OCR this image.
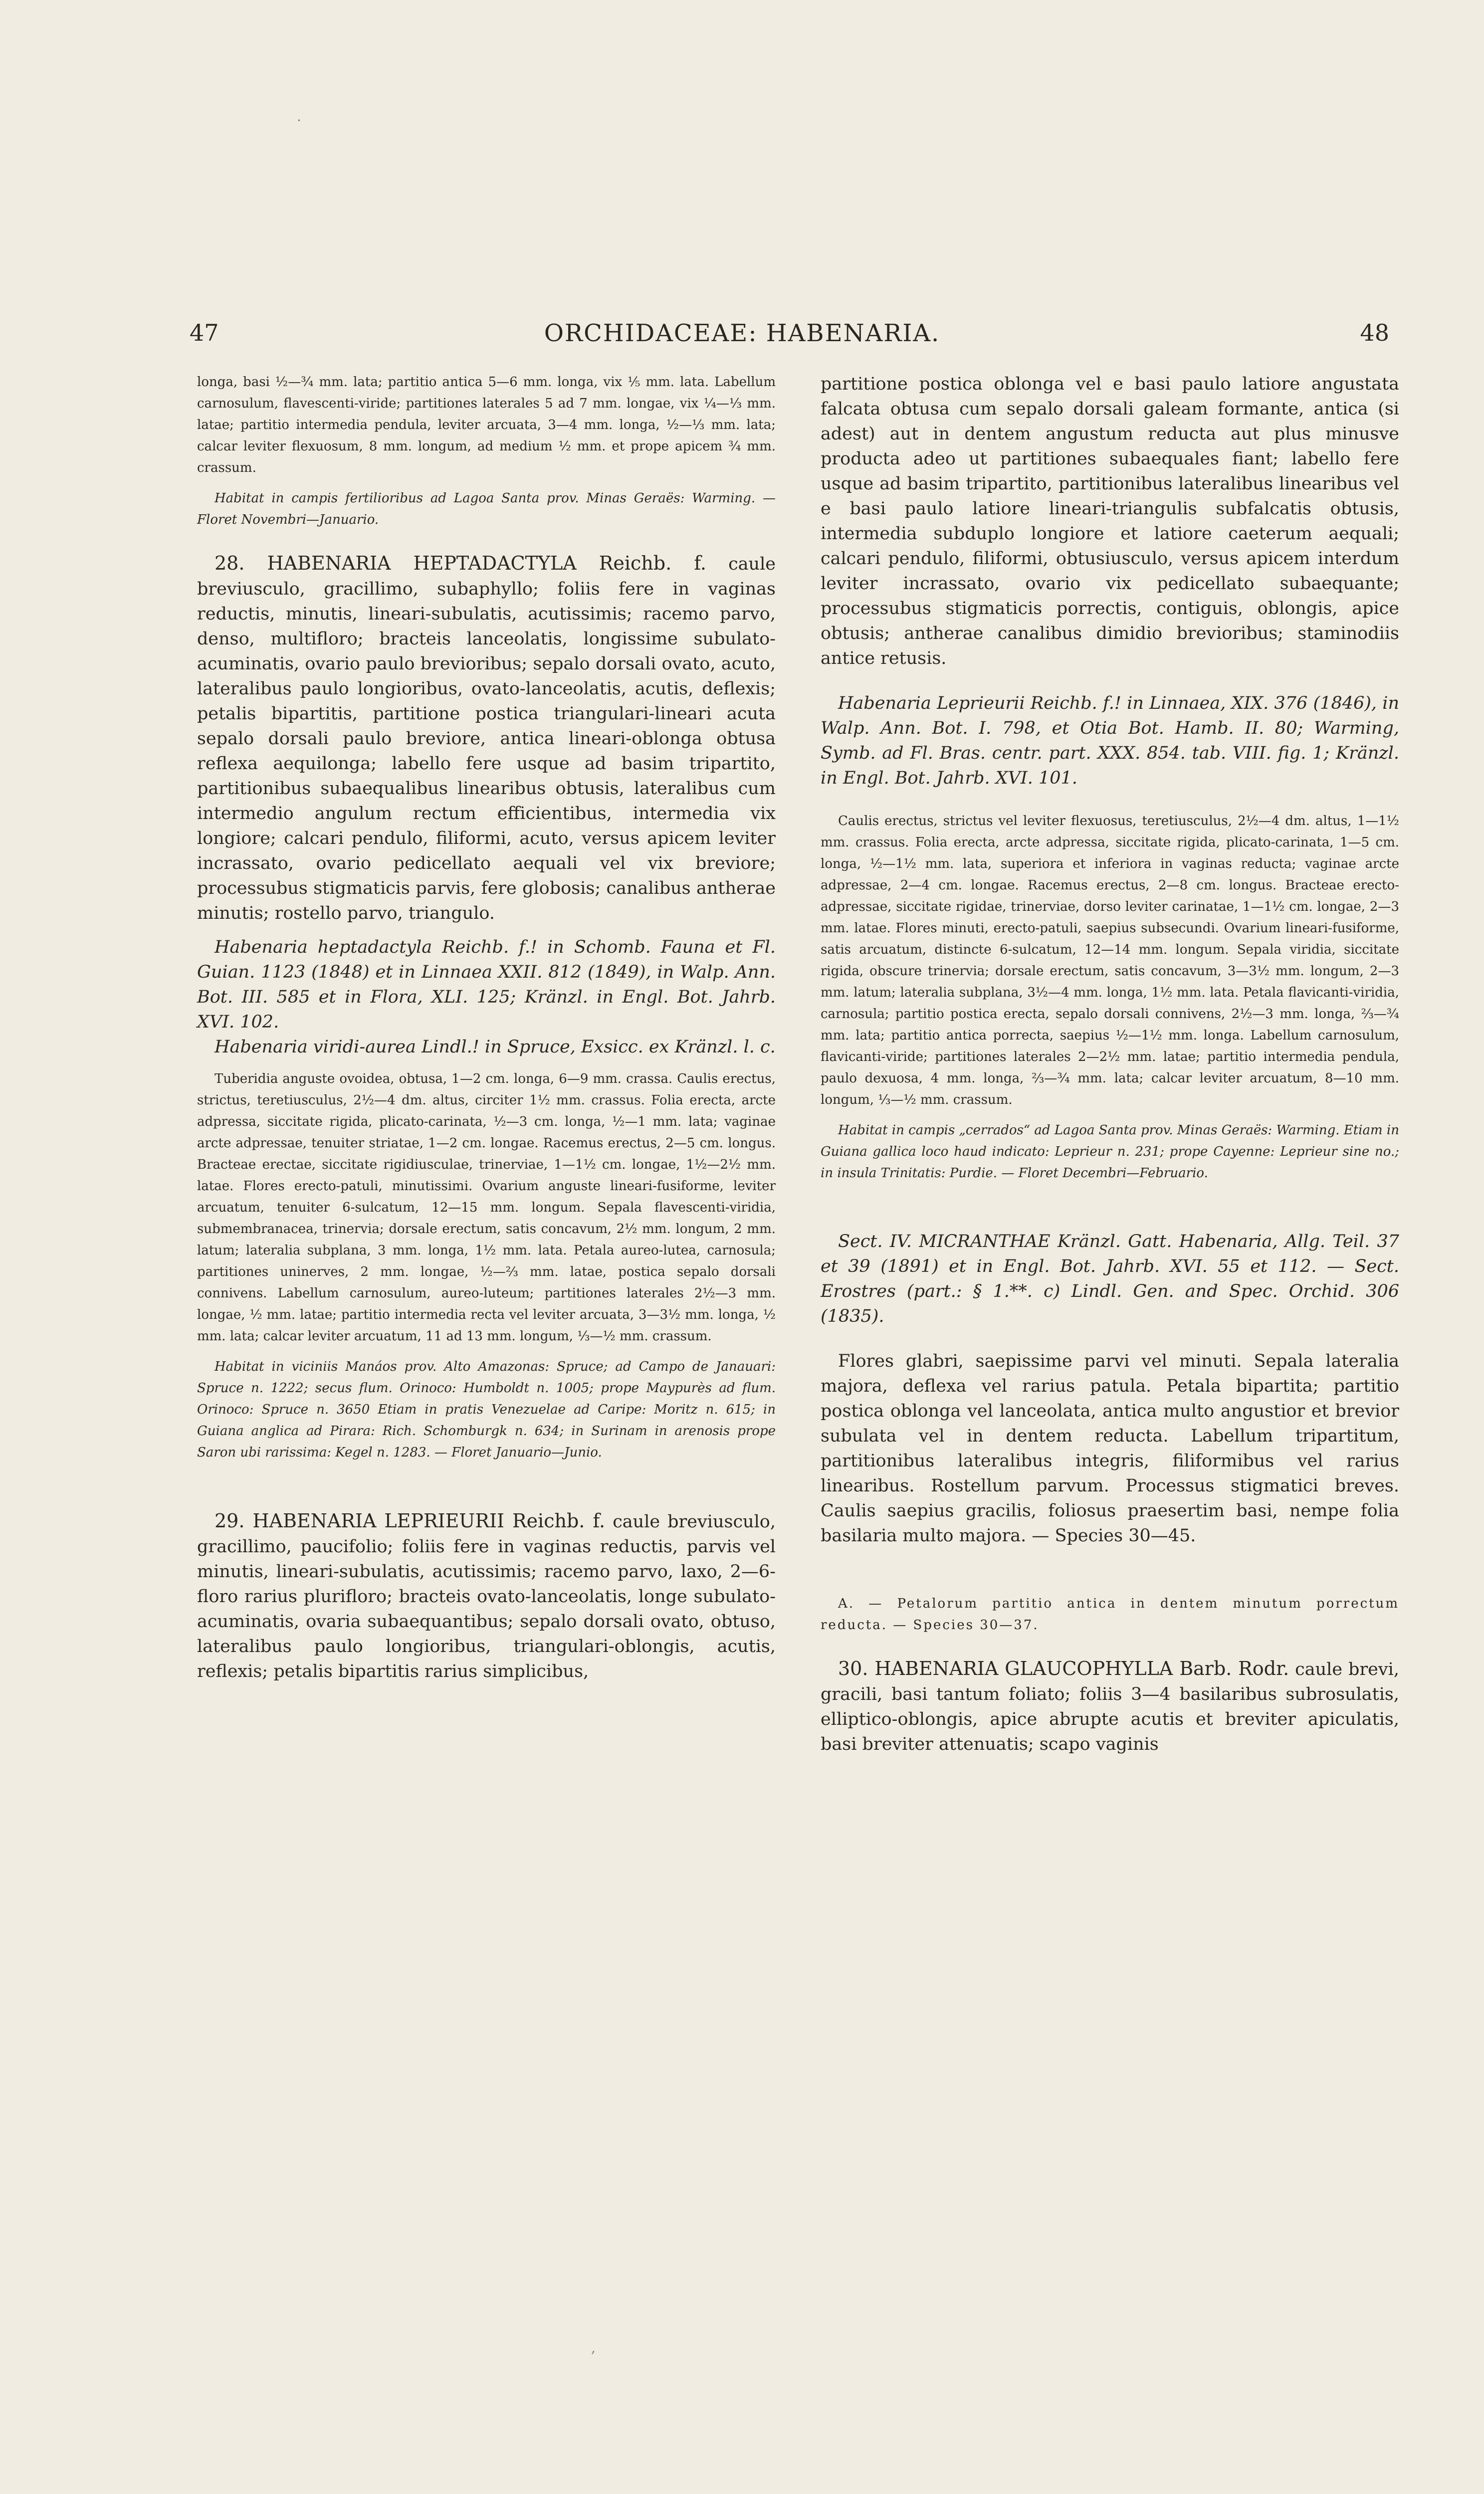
·
,
47	ORCHIDACEAE: HABENARIA.	48

longa, basi ½—¾ mm. lata; partitio antica 5—6 mm. longa, vix ⅕ mm. lata. Labellum carnosulum, flavescenti-viride; partitiones laterales 5 ad 7 mm. longae, vix ¼—⅓ mm. latae; partitio intermedia pendula, leviter arcuata, 3—4 mm. longa, ½—⅓ mm. lata; calcar leviter flexuosum, 8 mm. longum, ad medium ½ mm. et prope apicem ¾ mm. crassum.

Habitat in campis fertilioribus ad Lagoa Santa prov. Minas Geraës: Warming. — Floret Novembri—Januario.

28. HABENARIA HEPTADACTYLA Reichb. f. caule breviusculo, gracillimo, subaphyllo; foliis fere in vaginas reductis, minutis, lineari-subulatis, acutissimis; racemo parvo, denso, multifloro; bracteis lanceolatis, longissime subulato-acuminatis, ovario paulo brevioribus; sepalo dorsali ovato, acuto, lateralibus paulo longioribus, ovato-lanceolatis, acutis, deflexis; petalis bipartitis, partitione postica triangulari-lineari acuta sepalo dorsali paulo breviore, antica lineari-oblonga obtusa reflexa aequilonga; labello fere usque ad basim tripartito, partitionibus subaequalibus linearibus obtusis, lateralibus cum intermedio angulum rectum efficientibus, intermedia vix longiore; calcari pendulo, filiformi, acuto, versus apicem leviter incrassato, ovario pedicellato aequali vel vix breviore; processubus stigmaticis parvis, fere globosis; canalibus antherae minutis; rostello parvo, triangulo.

Habenaria heptadactyla Reichb. f.! in Schomb. Fauna et Fl. Guian. 1123 (1848) et in Linnaea XXII. 812 (1849), in Walp. Ann. Bot. III. 585 et in Flora, XLI. 125; Kränzl. in Engl. Bot. Jahrb. XVI. 102.

Habenaria viridi-aurea Lindl.! in Spruce, Exsicc. ex Kränzl. l. c.

Tuberidia anguste ovoidea, obtusa, 1—2 cm. longa, 6—9 mm. crassa. Caulis erectus, strictus, teretiusculus, 2½—4 dm. altus, circiter 1½ mm. crassus. Folia erecta, arcte adpressa, siccitate rigida, plicato-carinata, ½—3 cm. longa, ½—1 mm. lata; vaginae arcte adpressae, tenuiter striatae, 1—2 cm. longae. Racemus erectus, 2—5 cm. longus. Bracteae erectae, siccitate rigidiusculae, trinerviae, 1—1½ cm. longae, 1½—2½ mm. latae. Flores erecto-patuli, minutissimi. Ovarium anguste lineari-fusiforme, leviter arcuatum, tenuiter 6-sulcatum, 12—15 mm. longum. Sepala flavescenti-viridia, submembranacea, trinervia; dorsale erectum, satis concavum, 2½ mm. longum, 2 mm. latum; lateralia subplana, 3 mm. longa, 1½ mm. lata. Petala aureo-lutea, carnosula; partitiones uninerves, 2 mm. longae, ½—⅔ mm. latae, postica sepalo dorsali connivens. Labellum carnosulum, aureo-luteum; partitiones laterales 2½—3 mm. longae, ½ mm. latae; partitio intermedia recta vel leviter arcuata, 3—3½ mm. longa, ½ mm. lata; calcar leviter arcuatum, 11 ad 13 mm. longum, ⅓—½ mm. crassum.

Habitat in viciniis Manáos prov. Alto Amazonas: Spruce; ad Campo de Janauari: Spruce n. 1222; secus flum. Orinoco: Humboldt n. 1005; prope Maypurès ad flum. Orinoco: Spruce n. 3650 Etiam in pratis Venezuelae ad Caripe: Moritz n. 615; in Guiana anglica ad Pirara: Rich. Schomburgk n. 634; in Surinam in arenosis prope Saron ubi rarissima: Kegel n. 1283. — Floret Januario—Junio.

29. HABENARIA LEPRIEURII Reichb. f. caule breviusculo, gracillimo, paucifolio; foliis fere in vaginas reductis, parvis vel minutis, lineari-subulatis, acutissimis; racemo parvo, laxo, 2—6-floro rarius plurifloro; bracteis ovato-lanceolatis, longe subulato-acuminatis, ovaria subaequantibus; sepalo dorsali ovato, obtuso, lateralibus paulo longioribus, triangulari-oblongis, acutis, reflexis; petalis bipartitis rarius simplicibus,

partitione postica oblonga vel e basi paulo latiore angustata falcata obtusa cum sepalo dorsali galeam formante, antica (si adest) aut in dentem angustum reducta aut plus minusve producta adeo ut partitiones subaequales fiant; labello fere usque ad basim tripartito, partitionibus lateralibus linearibus vel e basi paulo latiore lineari-triangulis subfalcatis obtusis, intermedia subduplo longiore et latiore caeterum aequali; calcari pendulo, filiformi, obtusiusculo, versus apicem interdum leviter incrassato, ovario vix pedicellato subaequante; processubus stigmaticis porrectis, contiguis, oblongis, apice obtusis; antherae canalibus dimidio brevioribus; staminodiis antice retusis.

Habenaria Leprieurii Reichb. f.! in Linnaea, XIX. 376 (1846), in Walp. Ann. Bot. I. 798, et Otia Bot. Hamb. II. 80; Warming, Symb. ad Fl. Bras. centr. part. XXX. 854. tab. VIII. fig. 1; Kränzl. in Engl. Bot. Jahrb. XVI. 101.

Caulis erectus, strictus vel leviter flexuosus, teretiusculus, 2½—4 dm. altus, 1—1½ mm. crassus. Folia erecta, arcte adpressa, siccitate rigida, plicato-carinata, 1—5 cm. longa, ½—1½ mm. lata, superiora et inferiora in vaginas reducta; vaginae arcte adpressae, 2—4 cm. longae. Racemus erectus, 2—8 cm. longus. Bracteae erecto-adpressae, siccitate rigidae, trinerviae, dorso leviter carinatae, 1—1½ cm. longae, 2—3 mm. latae. Flores minuti, erecto-patuli, saepius subsecundi. Ovarium lineari-fusiforme, satis arcuatum, distincte 6-sulcatum, 12—14 mm. longum. Sepala viridia, siccitate rigida, obscure trinervia; dorsale erectum, satis concavum, 3—3½ mm. longum, 2—3 mm. latum; lateralia subplana, 3½—4 mm. longa, 1½ mm. lata. Petala flavicanti-viridia, carnosula; partitio postica erecta, sepalo dorsali connivens, 2½—3 mm. longa, ⅔—¾ mm. lata; partitio antica porrecta, saepius ½—1½ mm. longa. Labellum carnosulum, flavicanti-viride; partitiones laterales 2—2½ mm. latae; partitio intermedia pendula, paulo dexuosa, 4 mm. longa, ⅔—¾ mm. lata; calcar leviter arcuatum, 8—10 mm. longum, ⅓—½ mm. crassum.

Habitat in campis „cerrados“ ad Lagoa Santa prov. Minas Geraës: Warming. Etiam in Guiana gallica loco haud indicato: Leprieur n. 231; prope Cayenne: Leprieur sine no.; in insula Trinitatis: Purdie. — Floret Decembri—Februario.

Sect. IV. MICRANTHAE Kränzl. Gatt. Habenaria, Allg. Teil. 37 et 39 (1891) et in Engl. Bot. Jahrb. XVI. 55 et 112. — Sect. Erostres (part.: § 1.**. c) Lindl. Gen. and Spec. Orchid. 306 (1835).

Flores glabri, saepissime parvi vel minuti. Sepala lateralia majora, deflexa vel rarius patula. Petala bipartita; partitio postica oblonga vel lanceolata, antica multo angustior et brevior subulata vel in dentem reducta. Labellum tripartitum, partitionibus lateralibus integris, filiformibus vel rarius linearibus. Rostellum parvum. Processus stigmatici breves. Caulis saepius gracilis, foliosus praesertim basi, nempe folia basilaria multo majora. — Species 30—45.

A. — Petalorum partitio antica in dentem minutum porrectum reducta. — Species 30—37.

30. HABENARIA GLAUCOPHYLLA Barb. Rodr. caule brevi, gracili, basi tantum foliato; foliis 3—4 basilaribus subrosulatis, elliptico-oblongis, apice abrupte acutis et breviter apiculatis, basi breviter attenuatis; scapo vaginis
